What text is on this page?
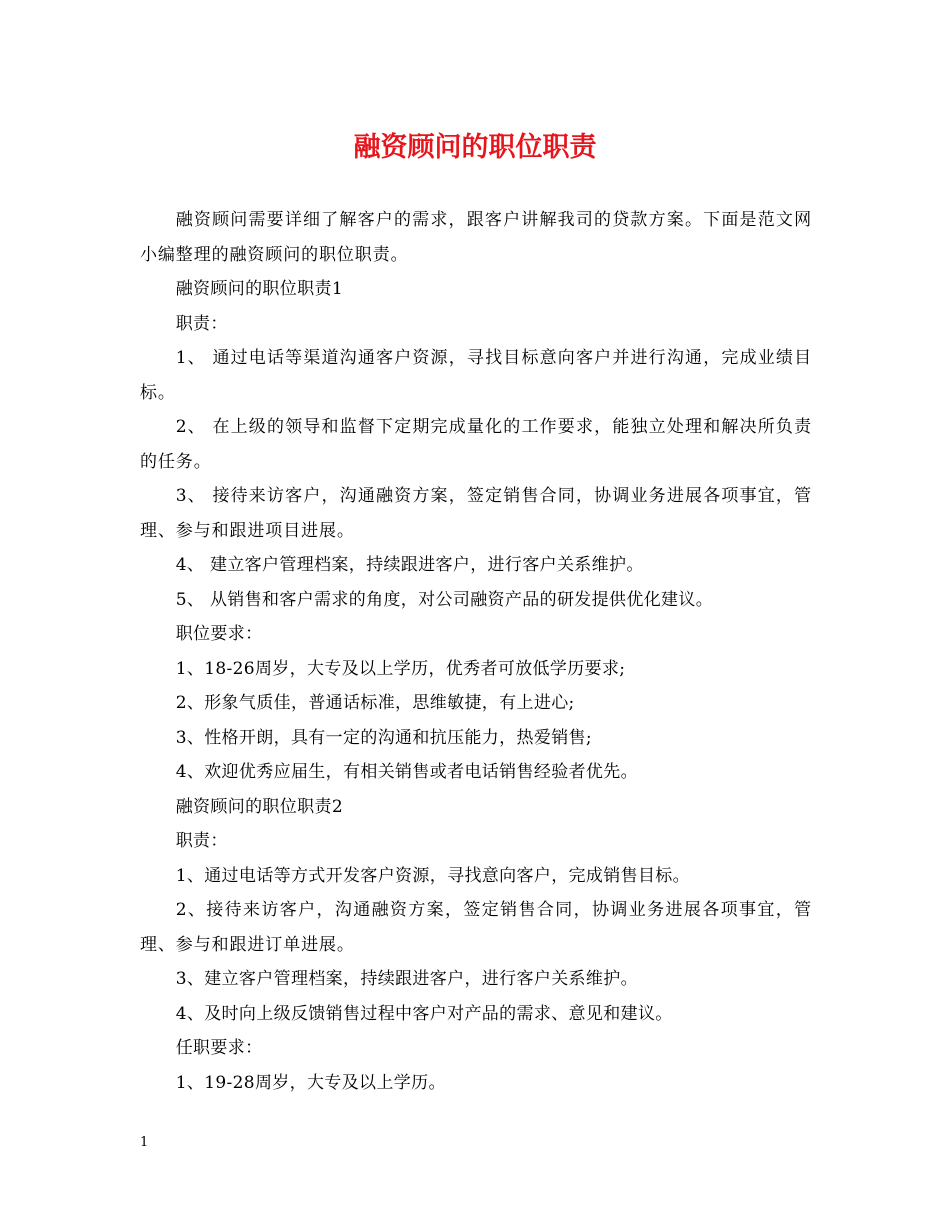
融资顾问的职位职责

融资顾问需要详细了解客户的需求，跟客户讲解我司的贷款方案。下面是范文网小编整理的融资顾问的职位职责。

融资顾问的职位职责1

职责：

1、 通过电话等渠道沟通客户资源，寻找目标意向客户并进行沟通，完成业绩目标。

2、 在上级的领导和监督下定期完成量化的工作要求，能独立处理和解决所负责的任务。

3、 接待来访客户，沟通融资方案，签定销售合同，协调业务进展各项事宜，管理、参与和跟进项目进展。

4、 建立客户管理档案，持续跟进客户，进行客户关系维护。

5、 从销售和客户需求的角度，对公司融资产品的研发提供优化建议。

职位要求：

1、18-26周岁，大专及以上学历，优秀者可放低学历要求;

2、形象气质佳，普通话标准，思维敏捷，有上进心;

3、性格开朗，具有一定的沟通和抗压能力，热爱销售;

4、欢迎优秀应届生，有相关销售或者电话销售经验者优先。

融资顾问的职位职责2

职责：

1、通过电话等方式开发客户资源，寻找意向客户，完成销售目标。

2、接待来访客户，沟通融资方案，签定销售合同，协调业务进展各项事宜，管理、参与和跟进订单进展。

3、建立客户管理档案，持续跟进客户，进行客户关系维护。

4、及时向上级反馈销售过程中客户对产品的需求、意见和建议。

任职要求：

1、19-28周岁，大专及以上学历。

1
